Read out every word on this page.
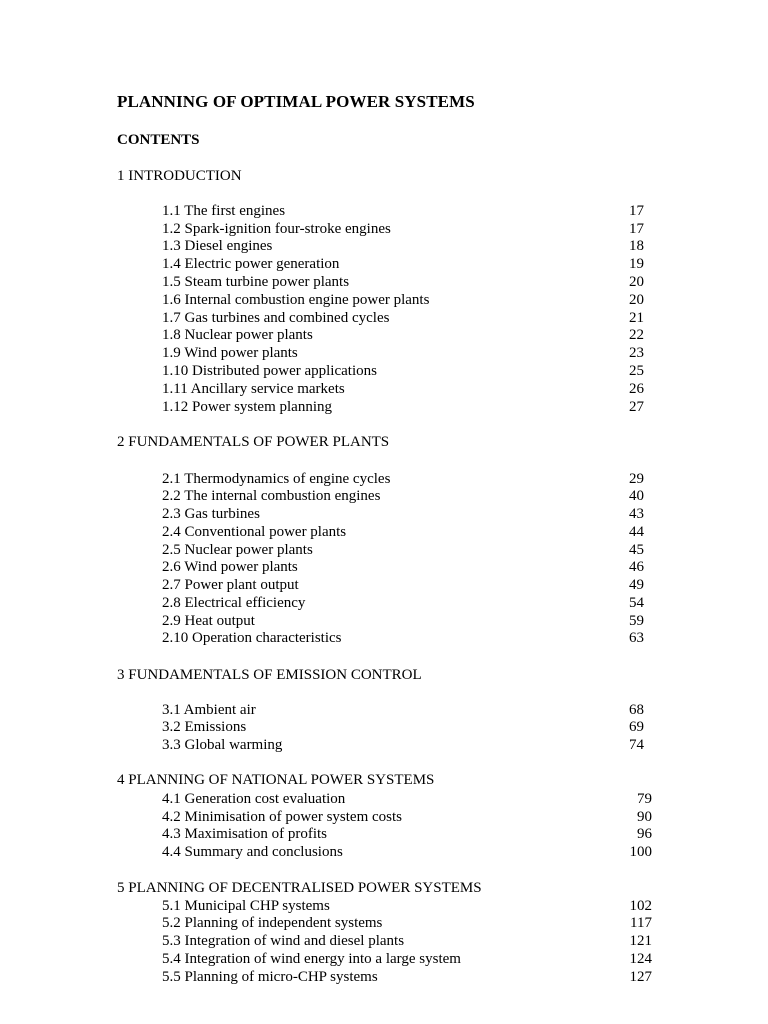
PLANNING OF OPTIMAL POWER SYSTEMS
CONTENTS
1 INTRODUCTION
1.1 The first engines	17
1.2 Spark-ignition four-stroke engines	17
1.3 Diesel engines	18
1.4 Electric power generation	19
1.5 Steam turbine power plants	20
1.6 Internal combustion engine power plants	20
1.7 Gas turbines and combined cycles	21
1.8 Nuclear power plants	22
1.9 Wind power plants	23
1.10 Distributed power applications	25
1.11 Ancillary service markets	26
1.12 Power system planning	27
2 FUNDAMENTALS OF POWER PLANTS
2.1 Thermodynamics of engine cycles	29
2.2 The internal combustion engines	40
2.3 Gas turbines	43
2.4 Conventional power plants	44
2.5 Nuclear power plants	45
2.6 Wind power plants	46
2.7 Power plant output	49
2.8 Electrical efficiency	54
2.9 Heat output	59
2.10 Operation characteristics	63
3 FUNDAMENTALS OF EMISSION CONTROL
3.1 Ambient air	68
3.2 Emissions	69
3.3 Global warming	74
4 PLANNING OF NATIONAL POWER SYSTEMS
4.1 Generation cost evaluation	79
4.2 Minimisation of power system costs	90
4.3 Maximisation of profits	96
4.4 Summary and conclusions	100
5 PLANNING OF DECENTRALISED POWER SYSTEMS
5.1 Municipal CHP systems	102
5.2 Planning of independent systems	117
5.3 Integration of wind and diesel plants	121
5.4 Integration of wind energy into a large system	124
5.5 Planning of micro-CHP systems	127
